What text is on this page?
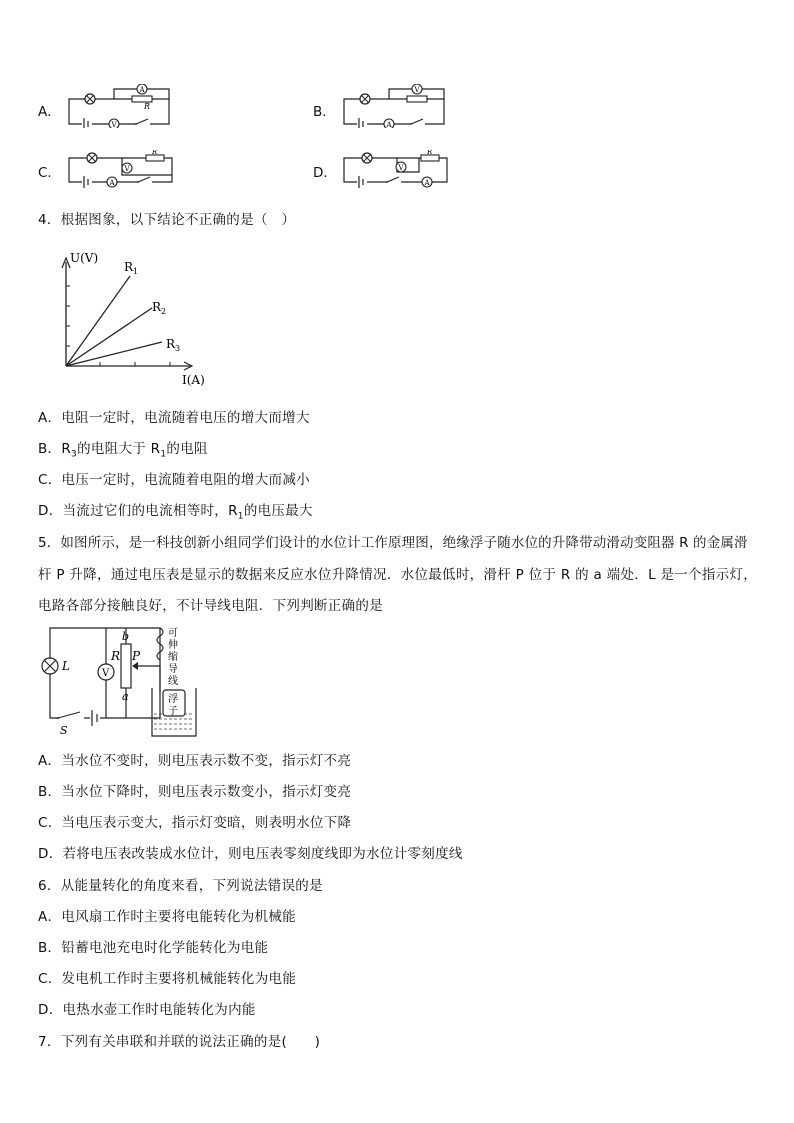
A．
A
R
V
B．
V
A
C．	V
R
A
D．	V
R
A
4．根据图象，以下结论不正确的是（　）
U(V)
I(A)
$R_1$
$R_2$
$R_3$
A．电阻一定时，电流随着电压的增大而增大
B．$R_3$的电阻大于 $R_1$的电阻
C．电压一定时，电流随着电阻的增大而减小
D．当流过它们的电流相等时，$R_1$的电压最大
5．如图所示，是一科技创新小组同学们设计的水位计工作原理图，绝缘浮子随水位的升降带动滑动变阻器 R 的金属滑
杆 P 升降，通过电压表是显示的数据来反应水位升降情况．水位最低时，滑杆 P 位于 R 的 a 端处．L 是一个指示灯，
电路各部分接触良好，不计导线电阻．下列判断正确的是
L
V
R
b
a
P
可
伸
缩
导
线
浮
子
S
A．当水位不变时，则电压表示数不变，指示灯不亮
B．当水位下降时，则电压表示数变小，指示灯变亮
C．当电压表示变大，指示灯变暗，则表明水位下降
D．若将电压表改装成水位计，则电压表零刻度线即为水位计零刻度线
6．从能量转化的角度来看，下列说法错误的是
A．电风扇工作时主要将电能转化为机械能
B．铅蓄电池充电时化学能转化为电能
C．发电机工作时主要将机械能转化为电能
D．电热水壶工作时电能转化为内能
7．下列有关串联和并联的说法正确的是(　　)
